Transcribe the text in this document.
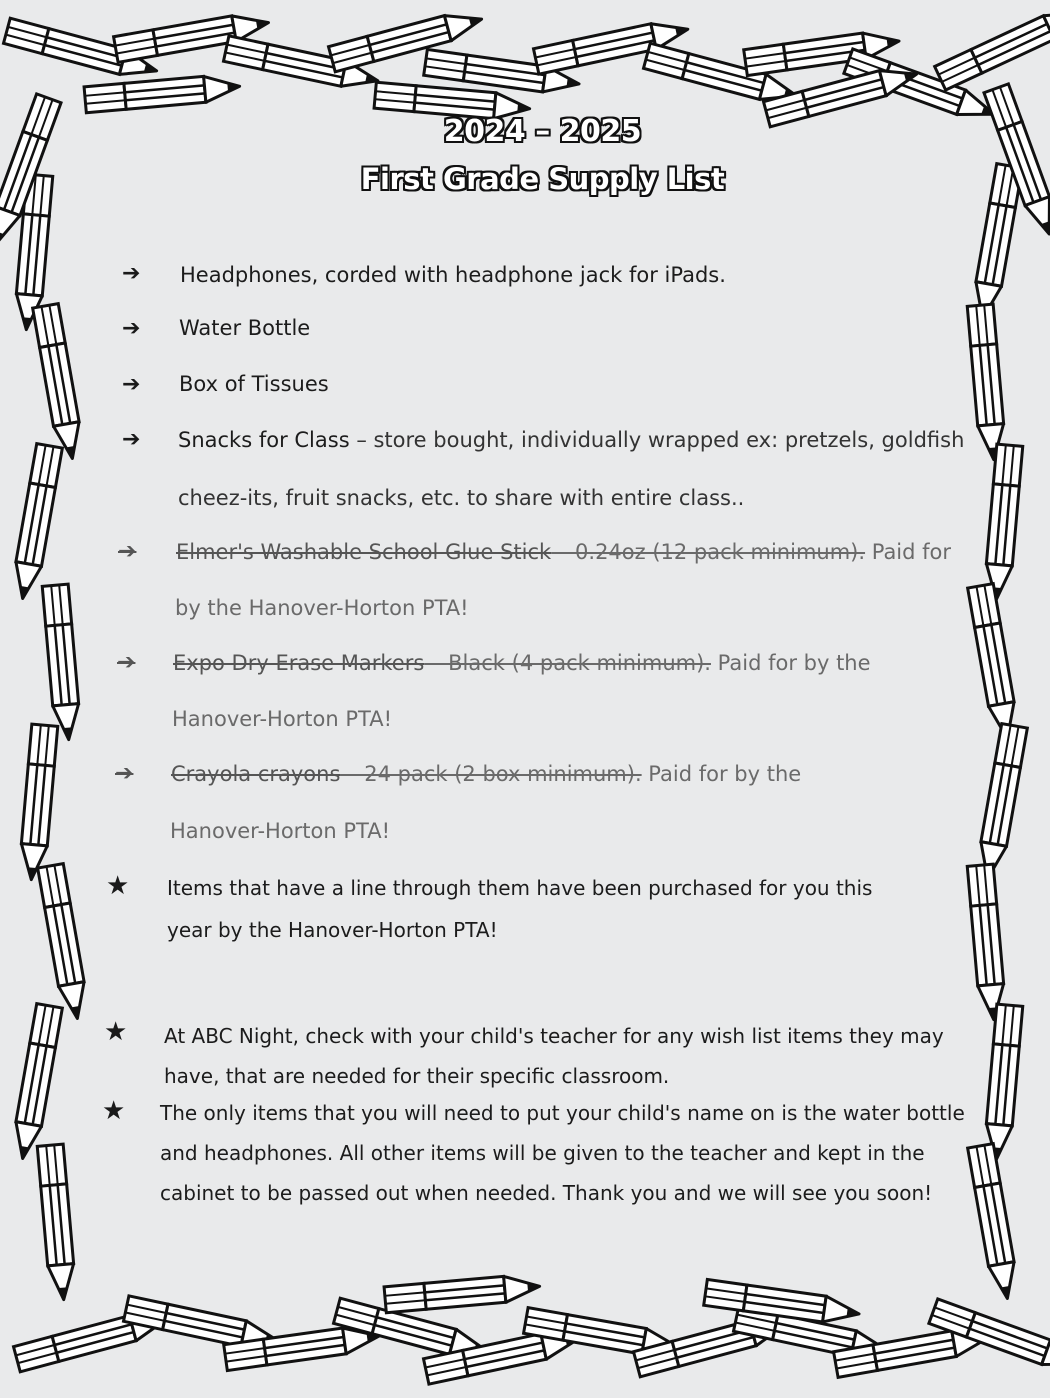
2024 – 2025
First Grade Supply List
➔ Headphones, corded with headphone jack for iPads.
➔ Water Bottle
➔ Box of Tissues
➔ Snacks for Class – store bought, individually wrapped ex: pretzels, goldfish
cheez-its, fruit snacks, etc. to share with entire class..
➔ Elmer's Washable School Glue Stick – 0.24oz (12 pack minimum). Paid for
by the Hanover-Horton PTA!
➔ Expo Dry Erase Markers – Black (4 pack minimum). Paid for by the
Hanover-Horton PTA!
➔ Crayola crayons – 24 pack (2 box minimum). Paid for by the
Hanover-Horton PTA!
★ Items that have a line through them have been purchased for you this
year by the Hanover-Horton PTA!
★ At ABC Night, check with your child's teacher for any wish list items they may
have, that are needed for their specific classroom.
★ The only items that you will need to put your child's name on is the water bottle
and headphones. All other items will be given to the teacher and kept in the
cabinet to be passed out when needed. Thank you and we will see you soon!
